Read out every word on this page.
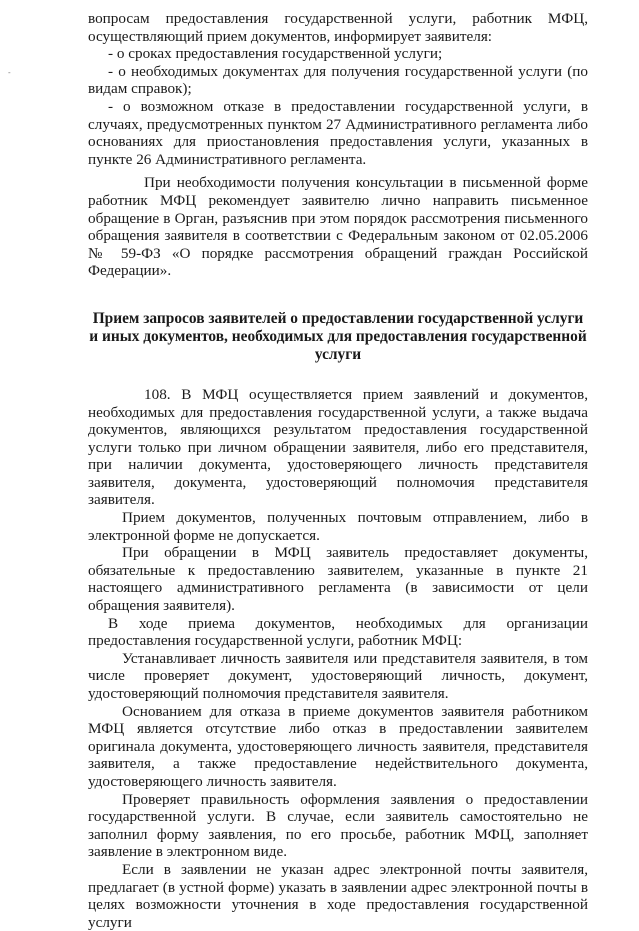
-

вопросам предоставления государственной услуги, работник МФЦ, осуществляющий прием документов, информирует заявителя:

- о сроках предоставления государственной услуги;

- о необходимых документах для получения государственной услуги (по видам справок);

- о возможном отказе в предоставлении государственной услуги, в случаях, предусмотренных пунктом 27 Административного регламента либо основаниях для приостановления предоставления услуги, указанных в пункте 26 Административного регламента.

При необходимости получения консультации в письменной форме работник МФЦ рекомендует заявителю лично направить письменное обращение в Орган, разъяснив при этом порядок рассмотрения письменного обращения заявителя в соответствии с Федеральным законом от 02.05.2006 № 59-ФЗ «О порядке рассмотрения обращений граждан Российской Федерации».

Прием запросов заявителей о предоставлении государственной услуги и иных документов, необходимых для предоставления государственной услуги

108. В МФЦ осуществляется прием заявлений и документов, необходимых для предоставления государственной услуги, а также выдача документов, являющихся результатом предоставления государственной услуги только при личном обращении заявителя, либо его представителя, при наличии документа, удостоверяющего личность представителя заявителя, документа, удостоверяющий полномочия представителя заявителя.

Прием документов, полученных почтовым отправлением, либо в электронной форме не допускается.

При обращении в МФЦ заявитель предоставляет документы, обязательные к предоставлению заявителем, указанные в пункте 21 настоящего административного регламента (в зависимости от цели обращения заявителя).

В ходе приема документов, необходимых для организации предоставления государственной услуги, работник МФЦ:

Устанавливает личность заявителя или представителя заявителя, в том числе проверяет документ, удостоверяющий личность, документ, удостоверяющий полномочия представителя заявителя.

Основанием для отказа в приеме документов заявителя работником МФЦ является отсутствие либо отказ в предоставлении заявителем оригинала документа, удостоверяющего личность заявителя, представителя заявителя, а также предоставление недействительного документа, удостоверяющего личность заявителя.

Проверяет правильность оформления заявления о предоставлении государственной услуги. В случае, если заявитель самостоятельно не заполнил форму заявления, по его просьбе, работник МФЦ, заполняет заявление в электронном виде.

Если в заявлении не указан адрес электронной почты заявителя, предлагает (в устной форме) указать в заявлении адрес электронной почты в целях возможности уточнения в ходе предоставления государственной услуги
